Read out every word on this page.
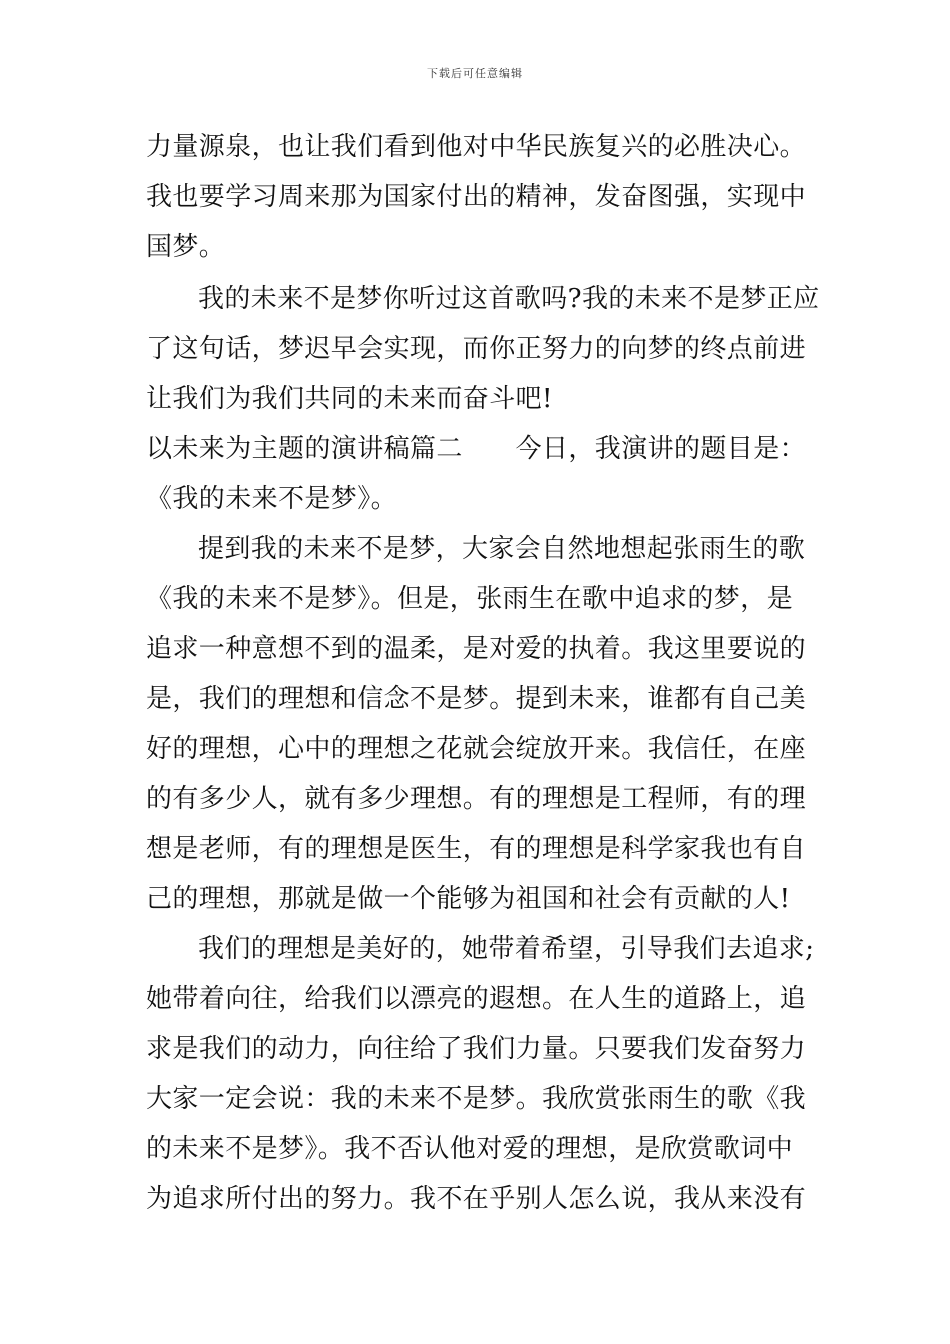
下载后可任意编辑
力量源泉，也让我们看到他对中华民族复兴的必胜决心。
我也要学习周来那为国家付出的精神，发奋图强，实现中
国梦。
我的未来不是梦你听过这首歌吗?我的未来不是梦正应
了这句话，梦迟早会实现，而你正努力的向梦的终点前进
让我们为我们共同的未来而奋斗吧!
以未来为主题的演讲稿篇二　　今日，我演讲的题目是：
《我的未来不是梦》。
提到我的未来不是梦，大家会自然地想起张雨生的歌
《我的未来不是梦》。但是，张雨生在歌中追求的梦，是
追求一种意想不到的温柔，是对爱的执着。我这里要说的
是，我们的理想和信念不是梦。提到未来，谁都有自己美
好的理想，心中的理想之花就会绽放开来。我信任，在座
的有多少人，就有多少理想。有的理想是工程师，有的理
想是老师，有的理想是医生，有的理想是科学家我也有自
己的理想，那就是做一个能够为祖国和社会有贡献的人!
我们的理想是美好的，她带着希望，引导我们去追求;
她带着向往，给我们以漂亮的遐想。在人生的道路上，追
求是我们的动力，向往给了我们力量。只要我们发奋努力
大家一定会说：我的未来不是梦。我欣赏张雨生的歌《我
的未来不是梦》。我不否认他对爱的理想，是欣赏歌词中
为追求所付出的努力。我不在乎别人怎么说，我从来没有
